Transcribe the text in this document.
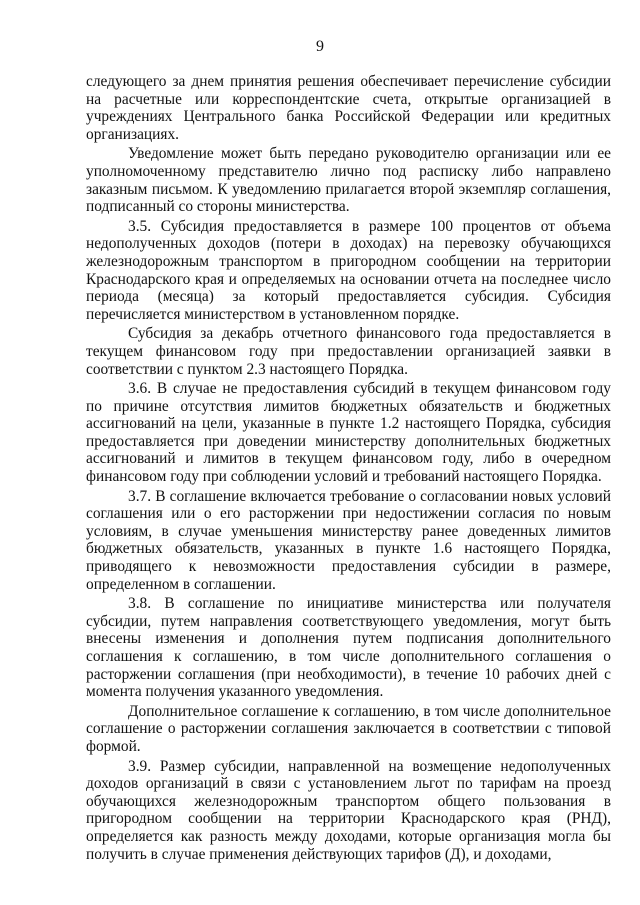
9

следующего за днем принятия решения обеспечивает перечисление субсидии на расчетные или корреспондентские счета, открытые организацией в учреждениях Центрального банка Российской Федерации или кредитных организациях.

Уведомление может быть передано руководителю организации или ее уполномоченному представителю лично под расписку либо направлено заказным письмом. К уведомлению прилагается второй экземпляр соглашения, подписанный со стороны министерства.

3.5. Субсидия предоставляется в размере 100 процентов от объема недополученных доходов (потери в доходах) на перевозку обучающихся железнодорожным транспортом в пригородном сообщении на территории Краснодарского края и определяемых на основании отчета на последнее число периода (месяца) за который предоставляется субсидия. Субсидия перечисляется министерством в установленном порядке.

Субсидия за декабрь отчетного финансового года предоставляется в текущем финансовом году при предоставлении организацией заявки в соответствии с пунктом 2.3 настоящего Порядка.

3.6. В случае не предоставления субсидий в текущем финансовом году по причине отсутствия лимитов бюджетных обязательств и бюджетных ассигнований на цели, указанные в пункте 1.2 настоящего Порядка, субсидия предоставляется при доведении министерству дополнительных бюджетных ассигнований и лимитов в текущем финансовом году, либо в очередном финансовом году при соблюдении условий и требований настоящего Порядка.

3.7. В соглашение включается требование о согласовании новых условий соглашения или о его расторжении при недостижении согласия по новым условиям, в случае уменьшения министерству ранее доведенных лимитов бюджетных обязательств, указанных в пункте 1.6 настоящего Порядка, приводящего к невозможности предоставления субсидии в размере, определенном в соглашении.

3.8. В соглашение по инициативе министерства или получателя субсидии, путем направления соответствующего уведомления, могут быть внесены изменения и дополнения путем подписания дополнительного соглашения к соглашению, в том числе дополнительного соглашения о расторжении соглашения (при необходимости), в течение 10 рабочих дней с момента получения указанного уведомления.

Дополнительное соглашение к соглашению, в том числе дополнительное соглашение о расторжении соглашения заключается в соответствии с типовой формой.

3.9. Размер субсидии, направленной на возмещение недополученных доходов организаций в связи с установлением льгот по тарифам на проезд обучающихся железнодорожным транспортом общего пользования в пригородном сообщении на территории Краснодарского края (РНД), определяется как разность между доходами, которые организация могла бы получить в случае применения действующих тарифов (Д), и доходами,
